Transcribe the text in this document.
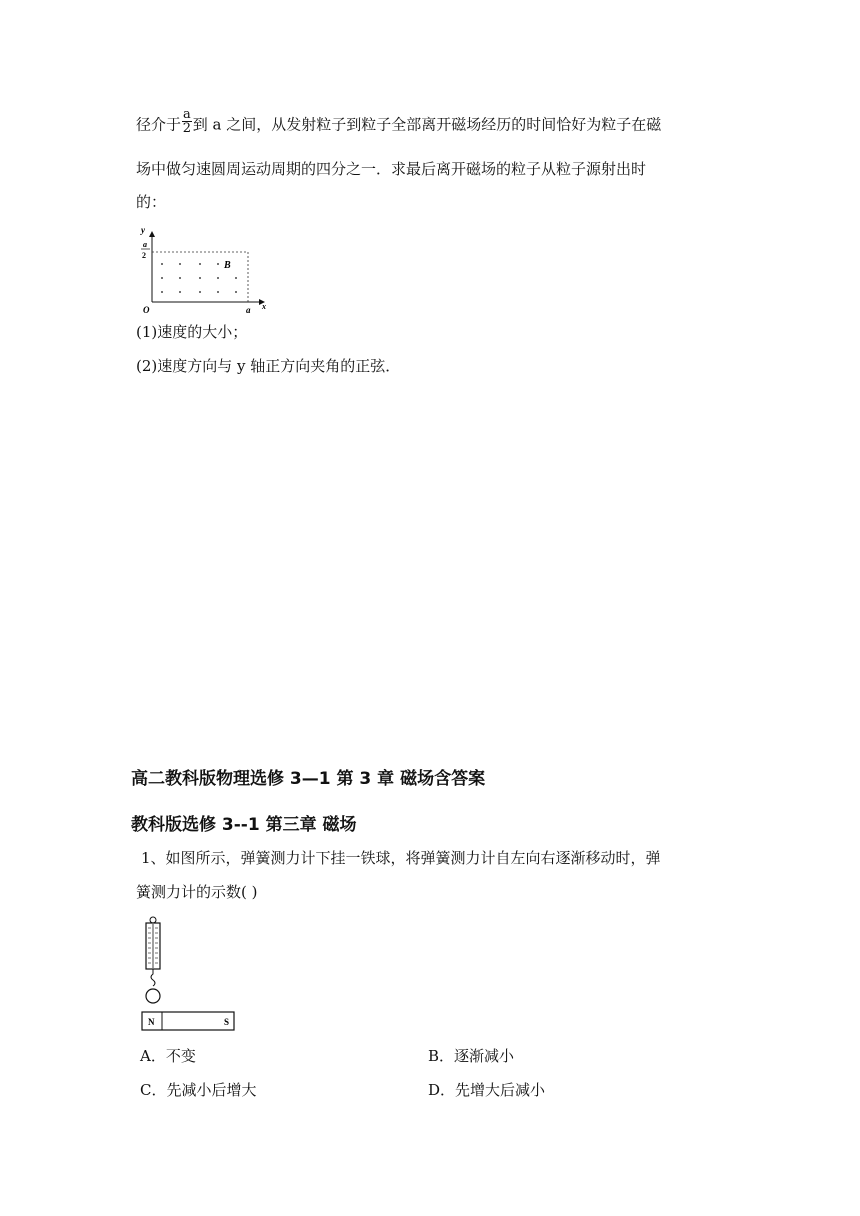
径介于 $\frac{a}{2}$ 到 a 之间，从发射粒子到粒子全部离开磁场经历的时间恰好为粒子在磁
场中做匀速圆周运动周期的四分之一．求最后离开磁场的粒子从粒子源射出时
的：
y
a
2
B
O	a x
(1)速度的大小；
(2)速度方向与 y 轴正方向夹角的正弦．
高二教科版物理选修 3—1 第 3 章 磁场含答案
教科版选修 3--1 第三章 磁场
1、如图所示，弹簧测力计下挂一铁球，将弹簧测力计自左向右逐渐移动时，弹
簧测力计的示数( )
N	S
A．不变	B．逐渐减小
C．先减小后增大	D．先增大后减小
